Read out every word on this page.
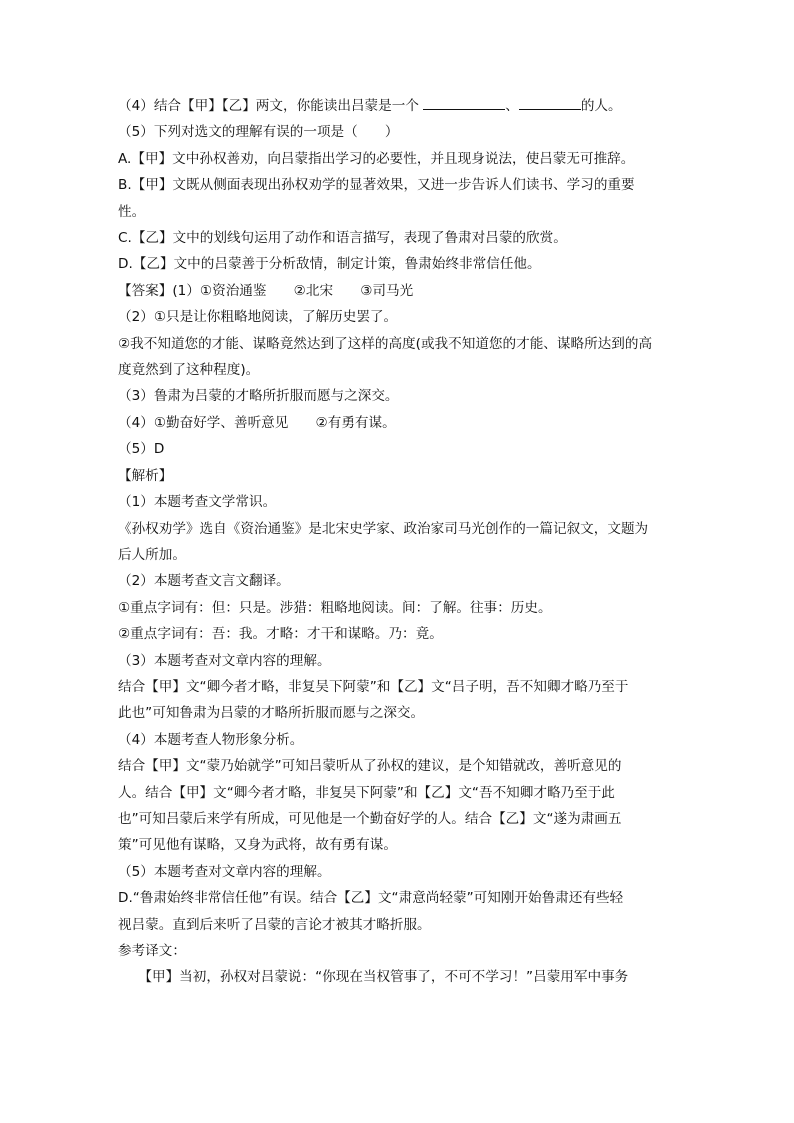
（4）结合【甲】【乙】两文，你能读出吕蒙是一个	、	的人。

（5）下列对选文的理解有误的一项是（　　）

A.【甲】文中孙权善劝，向吕蒙指出学习的必要性，并且现身说法，使吕蒙无可推辞。

B.【甲】文既从侧面表现出孙权劝学的显著效果，又进一步告诉人们读书、学习的重要

性。

C.【乙】文中的划线句运用了动作和语言描写，表现了鲁肃对吕蒙的欣赏。

D.【乙】文中的吕蒙善于分析敌情，制定计策，鲁肃始终非常信任他。

【答案】(1）①资治通鉴　　②北宋　　③司马光

（2）①只是让你粗略地阅读，了解历史罢了。

②我不知道您的才能、谋略竟然达到了这样的高度(或我不知道您的才能、谋略所达到的高

度竟然到了这种程度)。

（3）鲁肃为吕蒙的才略所折服而愿与之深交。

（4）①勤奋好学、善听意见　　②有勇有谋。

（5）D

【解析】

（1）本题考查文学常识。

《孙权劝学》选自《资治通鉴》是北宋史学家、政治家司马光创作的一篇记叙文，文题为

后人所加。

（2）本题考查文言文翻译。

①重点字词有：但：只是。涉猎：粗略地阅读。间：了解。往事：历史。

②重点字词有：吾：我。才略：才干和谋略。乃：竟。

（3）本题考查对文章内容的理解。

结合【甲】文“卿今者才略，非复吴下阿蒙”和【乙】文“吕子明，吾不知卿才略乃至于

此也”可知鲁肃为吕蒙的才略所折服而愿与之深交。

（4）本题考查人物形象分析。

结合【甲】文“蒙乃始就学”可知吕蒙听从了孙权的建议，是个知错就改，善听意见的

人。结合【甲】文“卿今者才略，非复吴下阿蒙”和【乙】文“吾不知卿才略乃至于此

也”可知吕蒙后来学有所成，可见他是一个勤奋好学的人。结合【乙】文“遂为肃画五

策”可见他有谋略，又身为武将，故有勇有谋。

（5）本题考查对文章内容的理解。

D.“鲁肃始终非常信任他”有误。结合【乙】文“肃意尚轻蒙”可知刚开始鲁肃还有些轻

视吕蒙。直到后来听了吕蒙的言论才被其才略折服。

参考译文：

　　【甲】当初，孙权对吕蒙说：“你现在当权管事了，不可不学习！”吕蒙用军中事务
